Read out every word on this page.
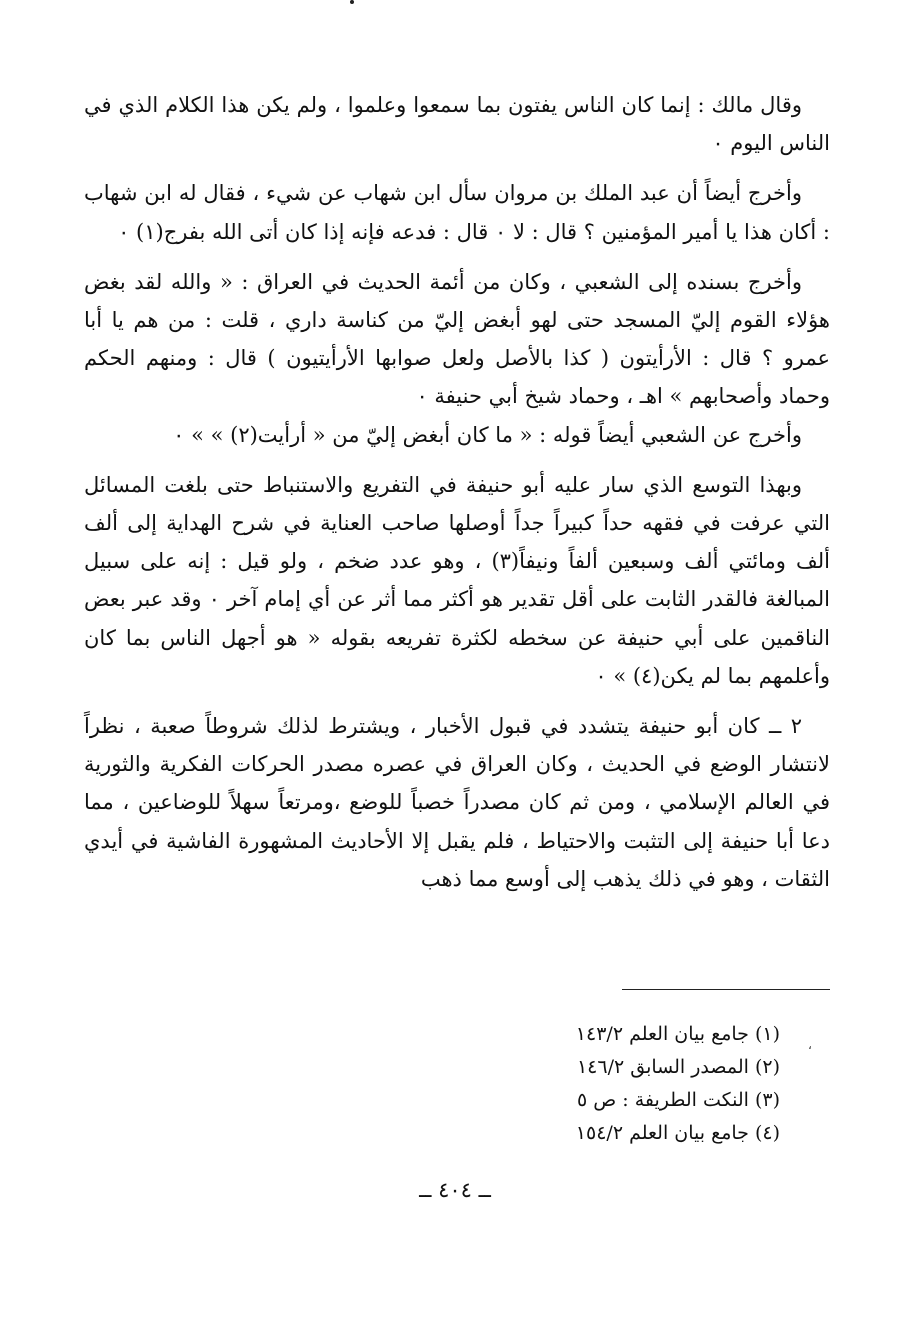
وقال مالك : إنما كان الناس يفتون بما سمعوا وعلموا ، ولم يكن هذا الكلام الذي في الناس اليوم ٠

وأخرج أيضاً أن عبد الملك بن مروان سأل ابن شهاب عن شيء ، فقال له ابن شهاب : أكان هذا يا أمير المؤمنين ؟ قال : لا ٠ قال : فدعه فإنه إذا كان أتى الله بفرج(١) ٠

وأخرج بسنده إلى الشعبي ، وكان من أئمة الحديث في العراق : « والله لقد بغض هؤلاء القوم إليّ المسجد حتى لهو أبغض إليّ من كناسة داري ، قلت : من هم يا أبا عمرو ؟ قال : الأرأيتون ( كذا بالأصل ولعل صوابها الأرأيتيون ) قال : ومنهم الحكم وحماد وأصحابهم » اهـ ، وحماد شيخ أبي حنيفة ٠

وأخرج عن الشعبي أيضاً قوله : « ما كان أبغض إليّ من « أرأيت(٢) » » ٠

وبهذا التوسع الذي سار عليه أبو حنيفة في التفريع والاستنباط حتى بلغت المسائل التي عرفت في فقهه حداً كبيراً جداً أوصلها صاحب العناية في شرح الهداية إلى ألف ألف ومائتي ألف وسبعين ألفاً ونيفاً(٣) ، وهو عدد ضخم ، ولو قيل : إنه على سبيل المبالغة فالقدر الثابت على أقل تقدير هو أكثر مما أثر عن أي إمام آخر ٠ وقد عبر بعض الناقمين على أبي حنيفة عن سخطه لكثرة تفريعه بقوله « هو أجهل الناس بما كان وأعلمهم بما لم يكن(٤) » ٠

٢ ــ كان أبو حنيفة يتشدد في قبول الأخبار ، ويشترط لذلك شروطاً صعبة ، نظراً لانتشار الوضع في الحديث ، وكان العراق في عصره مصدر الحركات الفكرية والثورية في العالم الإسلامي ، ومن ثم كان مصدراً خصباً للوضع ،ومرتعاً سهلاً للوضاعين ، مما دعا أبا حنيفة إلى التثبت والاحتياط ، فلم يقبل إلا الأحاديث المشهورة الفاشية في أيدي الثقات ، وهو في ذلك يذهب إلى أوسع مما ذهب

،
(١) جامع بيان العلم ١٤٣/٢
(٢) المصدر السابق ١٤٦/٢
(٣) النكت الطريفة : ص ٥
(٤) جامع بيان العلم ١٥٤/٢
ــ ٤٠٤ ــ
